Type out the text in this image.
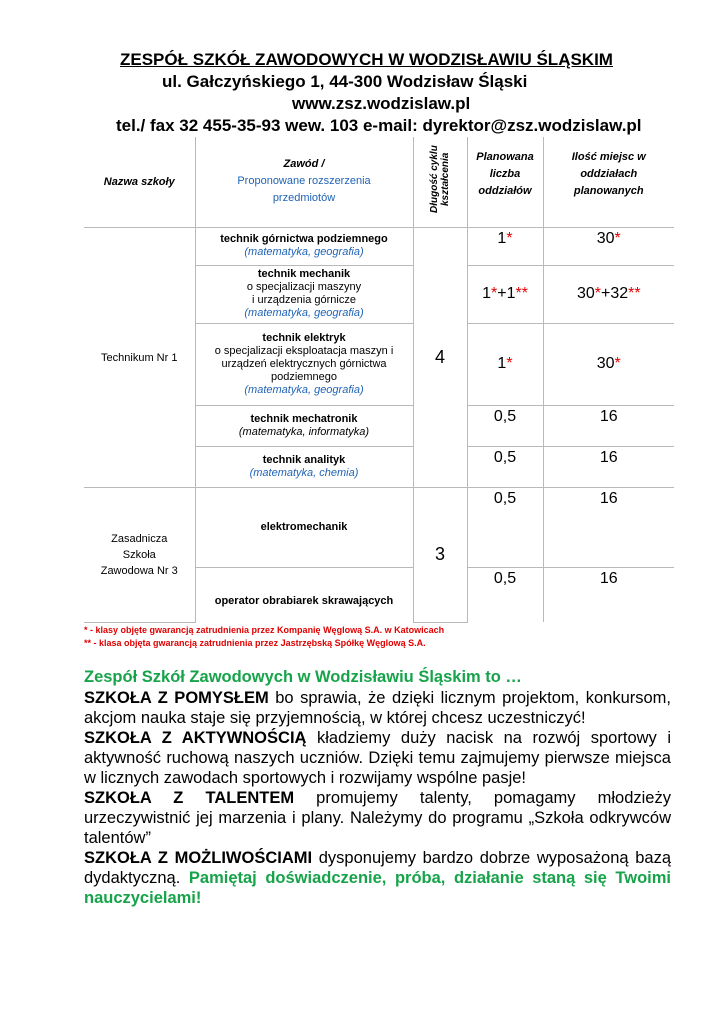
ZESPÓŁ SZKÓŁ ZAWODOWYCH W WODZISŁAWIU ŚLĄSKIM
ul. Gałczyńskiego 1, 44-300 Wodzisław Śląski
www.zsz.wodzislaw.pl
tel./ fax 32 455-35-93 wew. 103 e-mail: dyrektor@zsz.wodzislaw.pl
Nazwa szkoły	Zawód /
Proponowane rozszerzenia przedmiotów	Długość cyklu kształcenia	Planowana liczba oddziałów	Ilość miejsc w oddziałach planowanych

Technikum Nr 1	technik górnictwa podziemnego
(matematyka, geografia)	4	1*	30*

	technik mechanik
o specjalizacji maszyny
i urządzenia górnicze
(matematyka, geografia)		1*+1**	30*+32**

	technik elektryk
o specjalizacji eksploatacja maszyn i
urządzeń elektrycznych górnictwa
podziemnego
(matematyka, geografia)		1*	30*

	technik mechatronik
(matematyka, informatyka)		0,5	16

	technik analityk
(matematyka, chemia)		0,5	16

Zasadnicza
Szkoła
Zawodowa Nr 3	elektromechanik	3	0,5	16

	operator obrabiarek skrawających		0,5	16
* - klasy objęte gwarancją zatrudnienia przez Kompanię Węglową S.A. w Katowicach
** - klasa objęta gwarancją zatrudnienia przez Jastrzębską Spółkę Węglową S.A.
Zespół Szkół Zawodowych w Wodzisławiu Śląskim to …

SZKOŁA Z POMYSŁEM bo sprawia, że dzięki licznym projektom, konkursom, akcjom nauka staje się przyjemnością, w której chcesz uczestniczyć!

SZKOŁA Z AKTYWNOŚCIĄ kładziemy duży nacisk na rozwój sportowy i aktywność ruchową naszych uczniów. Dzięki temu zajmujemy pierwsze miejsca w licznych zawodach sportowych i rozwijamy wspólne pasje!

SZKOŁA Z TALENTEM promujemy talenty, pomagamy młodzieży urzeczywistnić jej marzenia i plany. Należymy do programu „Szkoła odkrywców talentów”

SZKOŁA Z MOŻLIWOŚCIAMI dysponujemy bardzo dobrze wyposażoną bazą dydaktyczną. Pamiętaj doświadczenie, próba, działanie staną się Twoimi nauczycielami!
